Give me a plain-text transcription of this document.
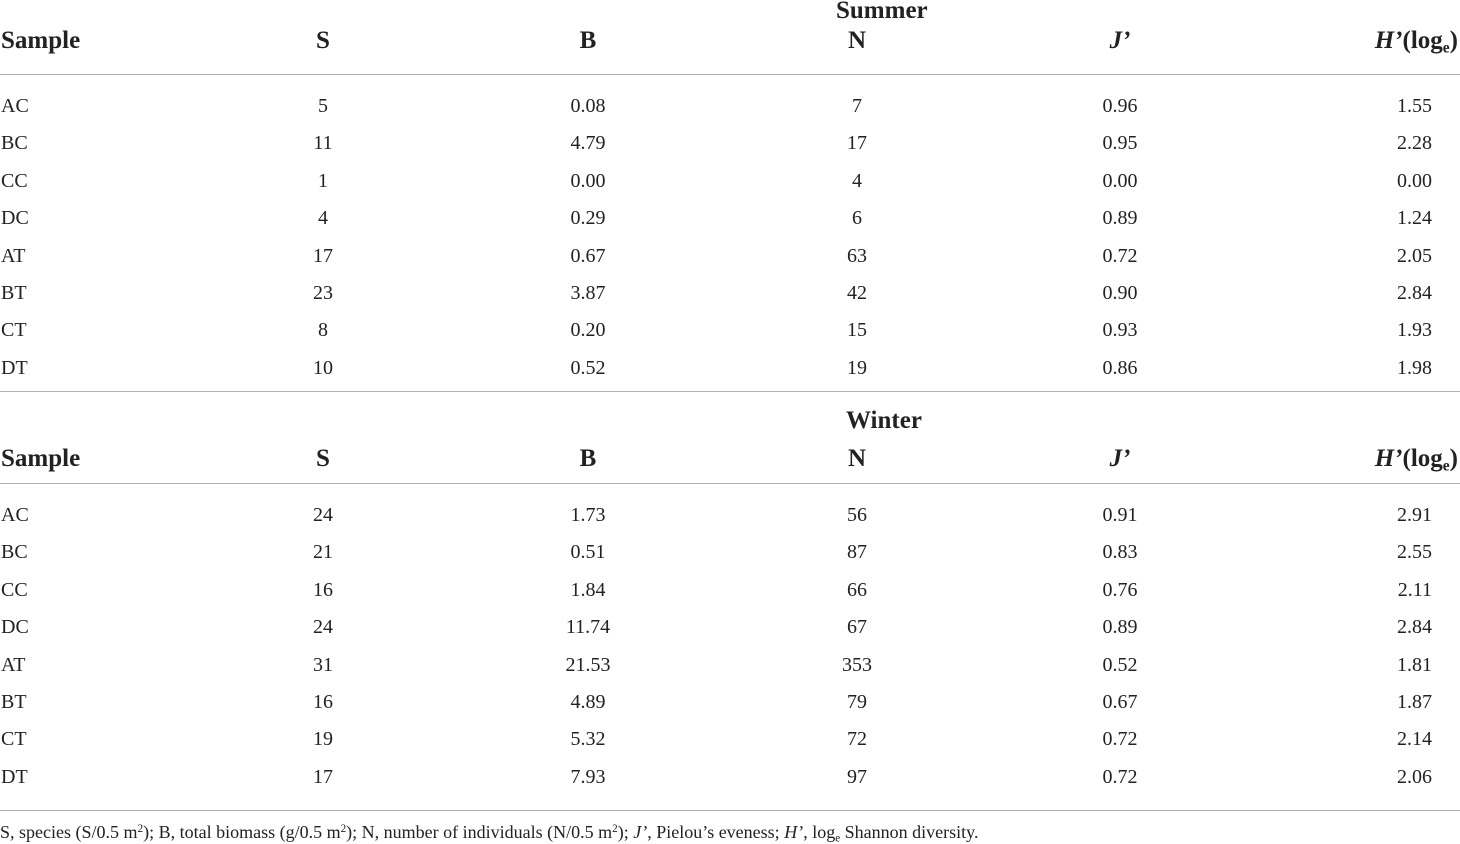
Summer
Sample	S	B	N	J’	$H’(\log_e)$
AC	5	0.08	7	0.96	1.55
BC	11	4.79	17	0.95	2.28
CC	1	0.00	4	0.00	0.00
DC	4	0.29	6	0.89	1.24
AT	17	0.67	63	0.72	2.05
BT	23	3.87	42	0.90	2.84
CT	8	0.20	15	0.93	1.93
DT	10	0.52	19	0.86	1.98
Winter
Sample	S	B	N	J’	$H’(\log_e)$
AC	24	1.73	56	0.91	2.91
BC	21	0.51	87	0.83	2.55
CC	16	1.84	66	0.76	2.11
DC	24	11.74	67	0.89	2.84
AT	31	21.53	353	0.52	1.81
BT	16	4.89	79	0.67	1.87
CT	19	5.32	72	0.72	2.14
DT	17	7.93	97	0.72	2.06
S, species (S/0.5 $m^2$); B, total biomass (g/0.5 $m^2$); N, number of individuals (N/0.5 $m^2$); J’, Pielou’s eveness; H’, $\log_e$ Shannon diversity.
